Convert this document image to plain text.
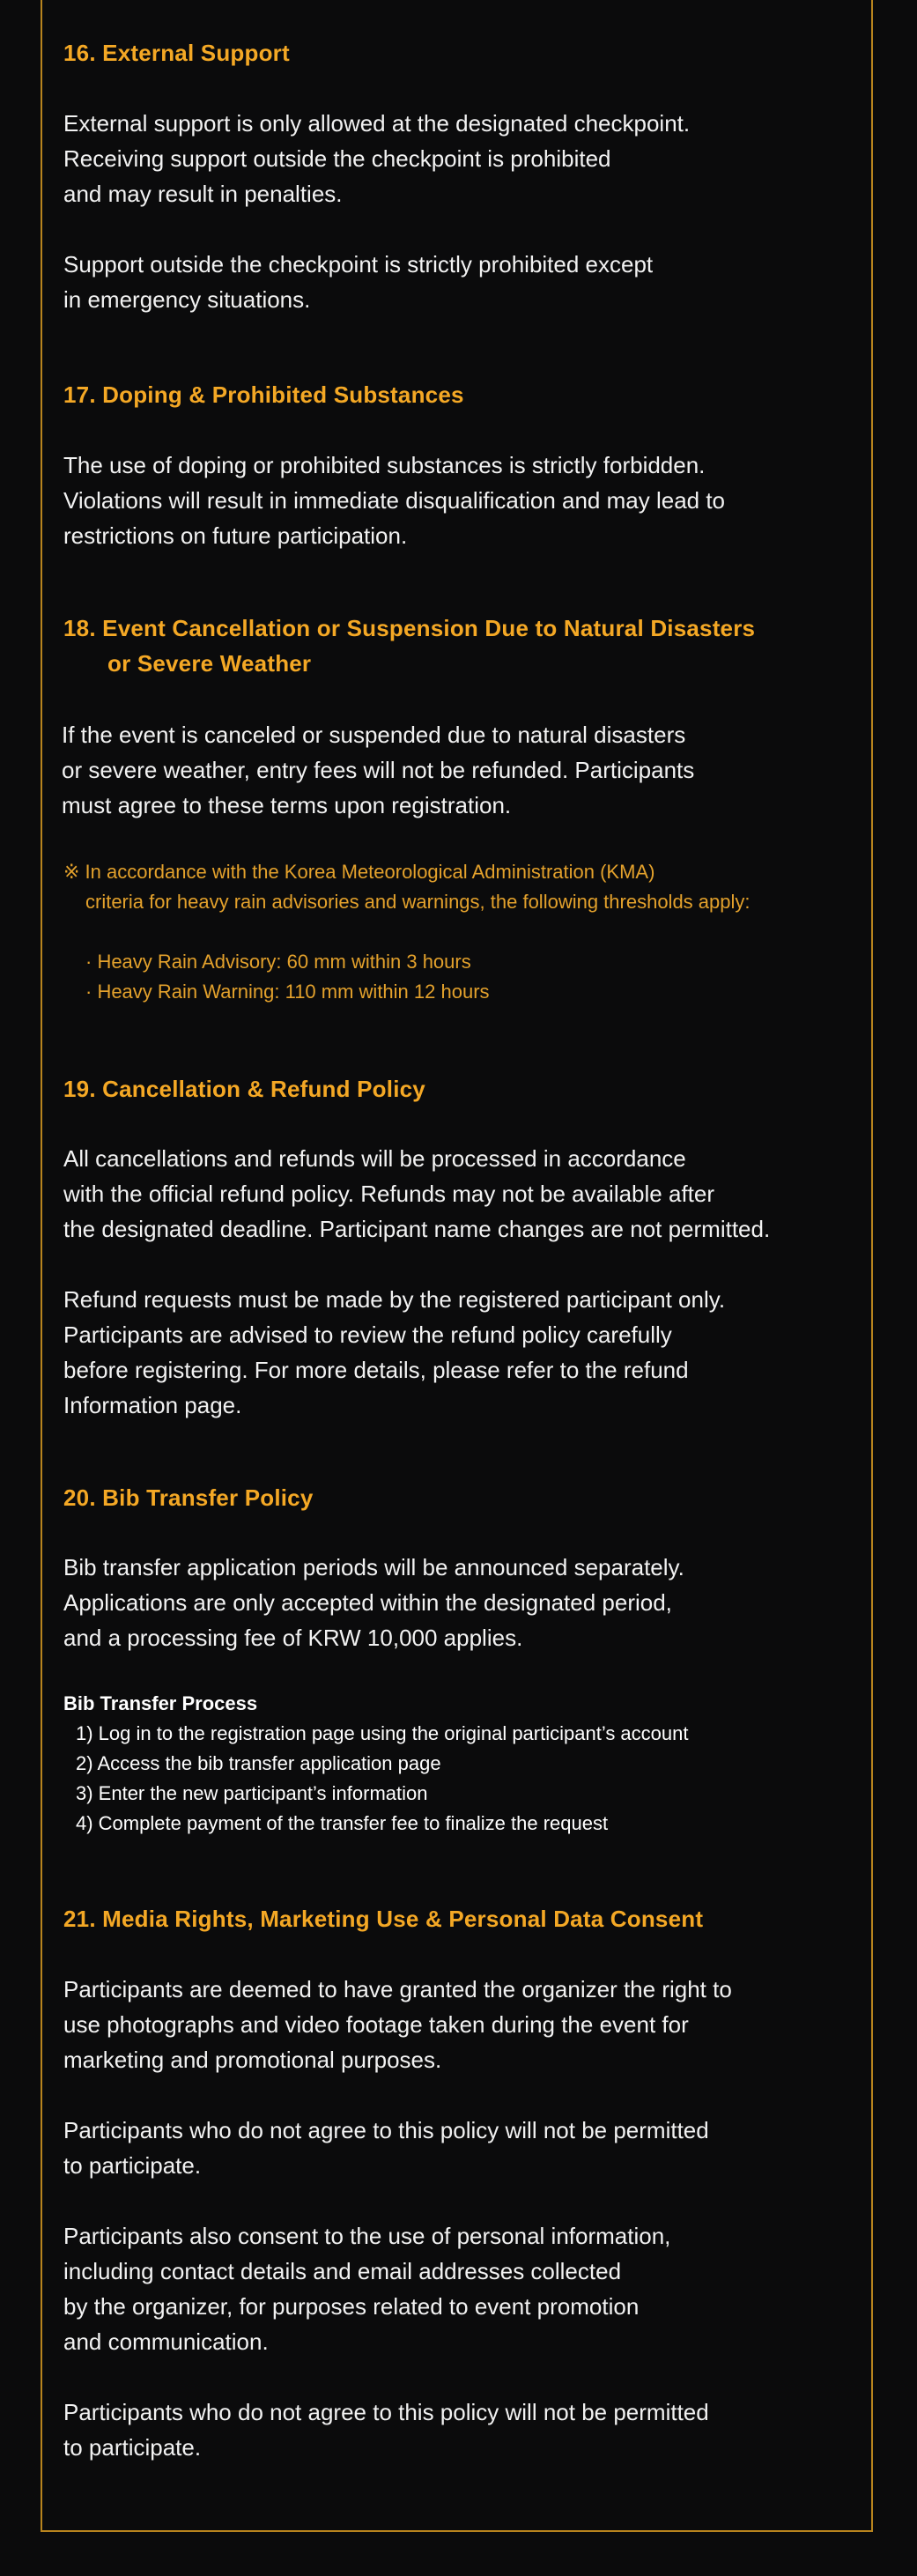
16. External Support
External support is only allowed at the designated checkpoint.
Receiving support outside the checkpoint is prohibited
and may result in penalties.
Support outside the checkpoint is strictly prohibited except
in emergency situations.
17. Doping & Prohibited Substances
The use of doping or prohibited substances is strictly forbidden.
Violations will result in immediate disqualification and may lead to
restrictions on future participation.
18. Event Cancellation or Suspension Due to Natural Disasters
or Severe Weather
If the event is canceled or suspended due to natural disasters
or severe weather, entry fees will not be refunded. Participants
must agree to these terms upon registration.
※ In accordance with the Korea Meteorological Administration (KMA)
criteria for heavy rain advisories and warnings, the following thresholds apply:
· Heavy Rain Advisory: 60 mm within 3 hours
· Heavy Rain Warning: 110 mm within 12 hours
19. Cancellation & Refund Policy
All cancellations and refunds will be processed in accordance
with the official refund policy. Refunds may not be available after
the designated deadline. Participant name changes are not permitted.
Refund requests must be made by the registered participant only.
Participants are advised to review the refund policy carefully
before registering. For more details, please refer to the refund
Information page.
20. Bib Transfer Policy
Bib transfer application periods will be announced separately.
Applications are only accepted within the designated period,
and a processing fee of KRW 10,000 applies.
Bib Transfer Process
1) Log in to the registration page using the original participant’s account
2) Access the bib transfer application page
3) Enter the new participant’s information
4) Complete payment of the transfer fee to finalize the request
21. Media Rights, Marketing Use & Personal Data Consent
Participants are deemed to have granted the organizer the right to
use photographs and video footage taken during the event for
marketing and promotional purposes.
Participants who do not agree to this policy will not be permitted
to participate.
Participants also consent to the use of personal information,
including contact details and email addresses collected
by the organizer, for purposes related to event promotion
and communication.
Participants who do not agree to this policy will not be permitted
to participate.
